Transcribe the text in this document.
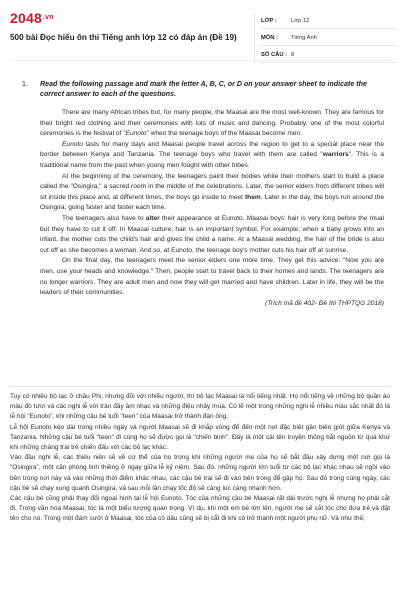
$2048^{.vn}$
500 bài Đọc hiểu ôn thi Tiếng anh lớp 12 có đáp án (Đề 19)
LỚP :	Lớp 12
MÔN :	Tiếng Anh
SỐ CÂU : 8
1. Read the following passage and mark the letter A, B, C, or D on your answer sheet to indicate the correct answer to each of the questions.

There are many African tribes but, for many people, the Maasai are the most well-known. They are famous for their bright red clothing and their ceremonies with lots of music and dancing. Probably, one of the most colorful ceremonies is the festival of "Eunoto" when the teenage boys of the Maasai become men.

Eunoto lasts for many days and Maasai people travel across the region to get to a special place near the border between Kenya and Tanzania. The teenage boys who travel with them are called "warriors". This is a traditional name from the past when young men fought with other tribes.

At the beginning of the ceremony, the teenagers paint their bodies while their mothers start to build a place called the "Osingira," a sacred room in the middle of the celebrations. Later, the senior elders from different tribes will sit inside this place and, at different times, the boys go inside to meet them. Later in the day, the boys run around the Osingira, going faster and faster each time.

The teenagers also have to alter their appearance at Eunoto. Maasai boys' hair is very long before the ritual but they have to cut it off. In Maasai culture, hair is an important symbol. For example, when a baby grows into an infant, the mother cuts the child's hair and gives the child a name. At a Maasai wedding, the hair of the bride is also cut off as she becomes a woman. And so, at Eunoto, the teenage boy's mother cuts his hair off at sunrise.

On the final day, the teenagers meet the senior elders one more time. They get this advice: "Now you are men, use your heads and knowledge." Then, people start to travel back to their homes and lands. The teenagers are no longer warriors. They are adult men and now they will get married and have children. Later in life, they will be the leaders of their communities.

(Trích mã đề 402- Đề thi THPTQG 2018)

Tuy có nhiều bộ lạc ở châu Phi, nhưng đối với nhiều người, thì bộ lạc Maasai là nổi tiếng nhất. Họ nổi tiếng về những bộ quần áo màu đỏ tươi và các nghi lễ với tràn đầy âm nhạc và những điệu nhảy múa. Có lẽ một trong những nghi lễ nhiều màu sắc nhất đó là lễ hội "Eunoto", khi những cậu bé tuổi "teen" của Maasai trở thành đàn ông.

Lễ hội Eunoto kéo dài trong nhiều ngày và người Maasai sẽ đi khắp vùng để đến một nơi đặc biệt gần biên giới giữa Kenya và Tanzania. Những cậu bé tuổi "teen" đi cùng họ sẽ được gọi là "chiến binh". Đây là một cái tên truyền thống bắt nguồn từ quá khứ khi những chàng trai trẻ chiến đấu với các bộ lạc khác.

Vào đầu nghi lễ, các thiếu niên sẽ vẽ cơ thể của họ trong khi những người mẹ của họ sẽ bắt đầu xây dựng một nơi gọi là "Osingira", một căn phòng linh thiêng ở ngay giữa lễ kỷ niệm. Sau đó, những người lớn tuổi từ các bộ lạc khác nhau sẽ ngồi vào bên trong nơi này và vào những thời điểm khác nhau, các cậu bé trai sẽ đi vào bên trong để gặp họ. Sau đó trong cùng ngày, các cậu bé sẽ chạy xung quanh Osingira, và sau mỗi lần chạy tốc độ sẽ càng lúc càng nhanh hơn.

Các cậu bé cũng phải thay đổi ngoại hình tại lễ hội Eunoto. Tóc của những cậu bé Maasai rất dài trước nghi lễ nhưng họ phải cắt đi. Trong văn hóa Maasai, tóc là một biểu tượng quan trọng. Ví dụ, khi một em bé lớn lên, người mẹ sẽ cắt tóc cho đứa trẻ và đặt tên cho nó. Trong một đám cưới ở Maasai, tóc của cô dâu cũng sẽ bị cắt đi khi cô trở thành một người phụ nữ. Và như thế,
